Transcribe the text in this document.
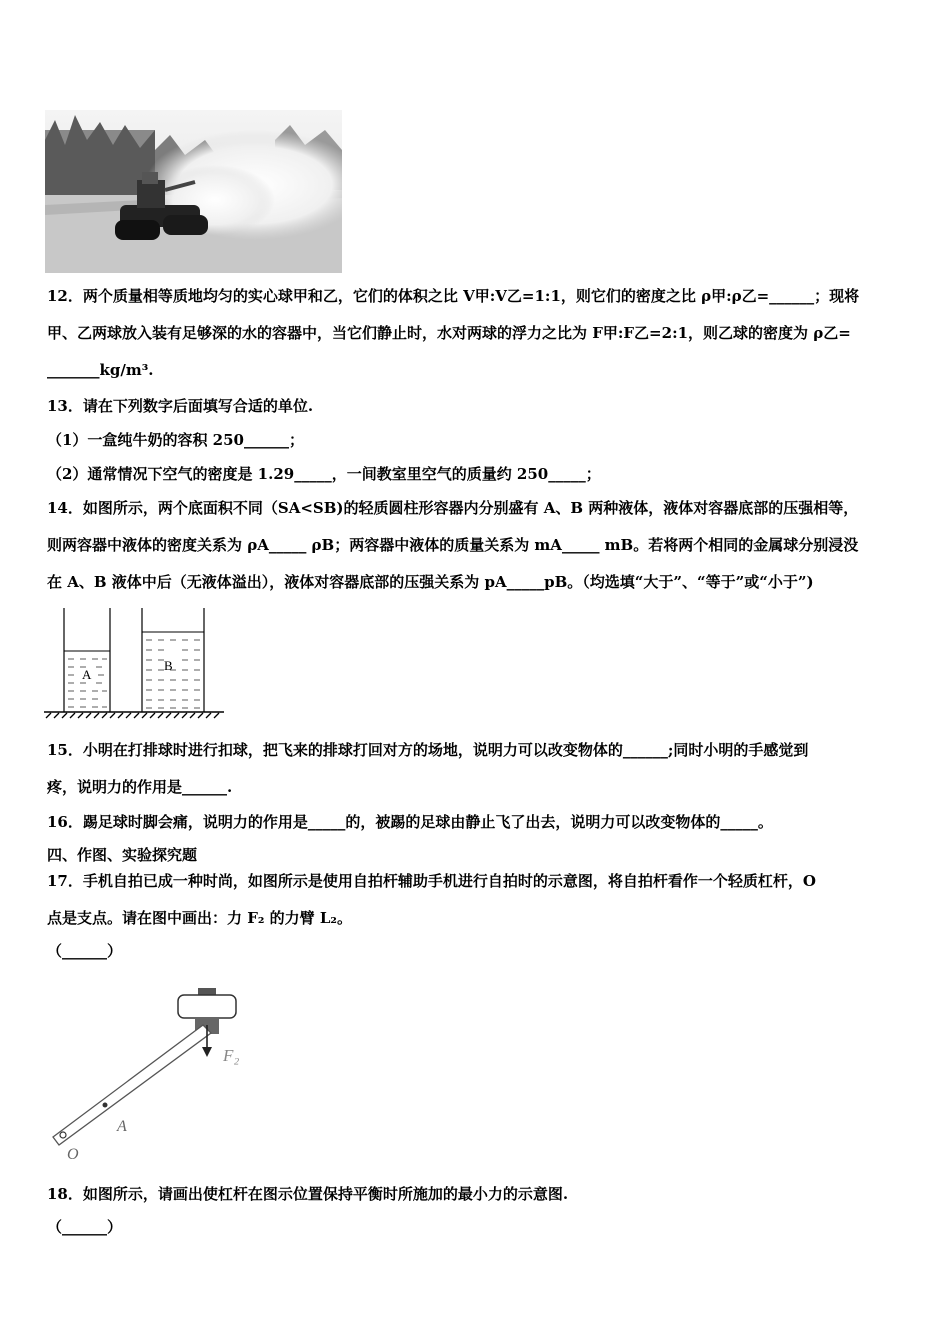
12．两个质量相等质地均匀的实心球甲和乙，它们的体积之比 V甲:V乙=1:1，则它们的密度之比 ρ甲:ρ乙=______；现将
甲、乙两球放入装有足够深的水的容器中，当它们静止时，水对两球的浮力之比为 F甲:F乙=2:1，则乙球的密度为 ρ乙=
_______kg/m³.
13．请在下列数字后面填写合适的单位.
（1）一盒纯牛奶的容积 250______；
（2）通常情况下空气的密度是 1.29_____，一间教室里空气的质量约 250_____；
14．如图所示，两个底面积不同（SA<SB)的轻质圆柱形容器内分别盛有 A、B 两种液体，液体对容器底部的压强相等，
则两容器中液体的密度关系为 ρA_____ ρB；两容器中液体的质量关系为 mA_____ mB。若将两个相同的金属球分别浸没
在 A、B 液体中后（无液体溢出），液体对容器底部的压强关系为 pA_____pB。（均选填“大于”、“等于”或“小于”)
A
B
15．小明在打排球时进行扣球，把飞来的排球打回对方的场地，说明力可以改变物体的______;同时小明的手感觉到
疼，说明力的作用是______.
16．踢足球时脚会痛，说明力的作用是_____的，被踢的足球由静止飞了出去，说明力可以改变物体的_____。
四、作图、实验探究题
17．手机自拍已成一种时尚，如图所示是使用自拍杆辅助手机进行自拍时的示意图，将自拍杆看作一个轻质杠杆，O
点是支点。请在图中画出：力 F₂ 的力臂 L₂。
（______）
F₂
A
O
18．如图所示，请画出使杠杆在图示位置保持平衡时所施加的最小力的示意图.
（______）
